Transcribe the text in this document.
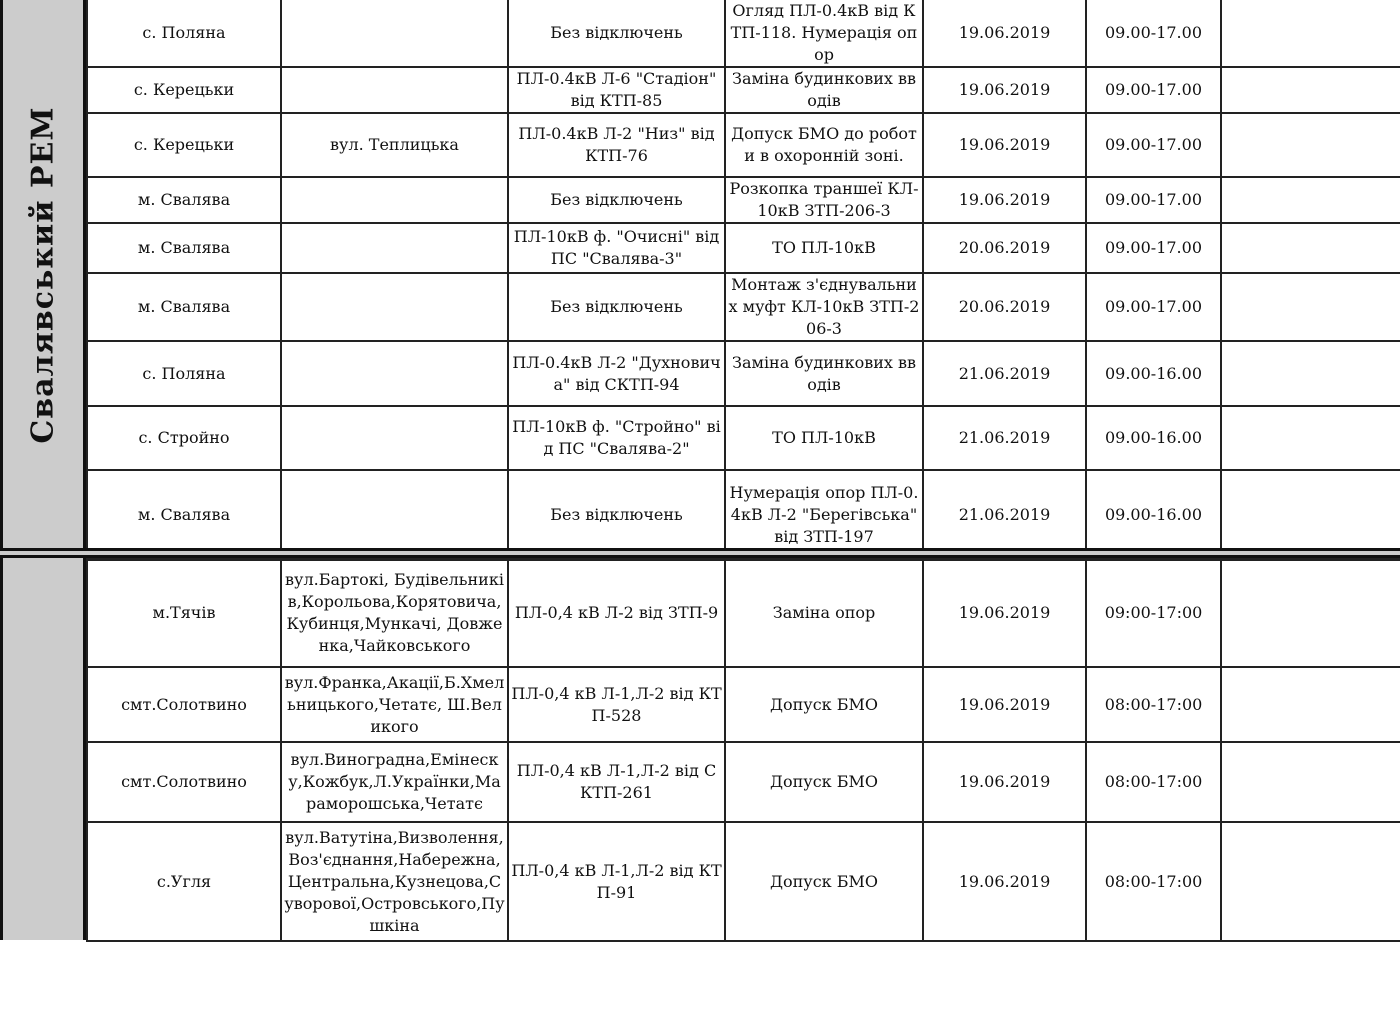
Свалявський РЕМ
с. Поляна		Без відключень	Огляд ПЛ-0.4кВ від КТП-118. Нумерація опор	19.06.2019	09.00-17.00	
с. Керецьки		ПЛ-0.4кВ Л-6 "Стадіон" від КТП-85	Заміна будинкових вводів	19.06.2019	09.00-17.00	
с. Керецьки	вул. Теплицька	ПЛ-0.4кВ Л-2 "Низ" від КТП-76	Допуск БМО до роботи в охоронній зоні.	19.06.2019	09.00-17.00	
м. Свалява		Без відключень	Розкопка траншеї КЛ-10кВ ЗТП-206-3	19.06.2019	09.00-17.00	
м. Свалява		ПЛ-10кВ ф. "Очисні" від ПС "Свалява-3"	ТО ПЛ-10кВ	20.06.2019	09.00-17.00	
м. Свалява		Без відключень	Монтаж з'єднувальних муфт КЛ-10кВ ЗТП-206-3	20.06.2019	09.00-17.00	
с. Поляна		ПЛ-0.4кВ Л-2 "Духновича" від СКТП-94	Заміна будинкових вводів	21.06.2019	09.00-16.00	
с. Стройно		ПЛ-10кВ ф. "Стройно" від ПС "Свалява-2"	ТО ПЛ-10кВ	21.06.2019	09.00-16.00	
м. Свалява		Без відключень	Нумерація опор ПЛ-0.4кВ Л-2 "Берегівська" від ЗТП-197	21.06.2019	09.00-16.00	
м.Тячів	вул.Бартокі, Будівельників,Корольова,Корятовича, Кубинця,Мункачі, Довженка,Чайковського	ПЛ-0,4 кВ Л-2 від ЗТП-9	Заміна опор	19.06.2019	09:00-17:00	
смт.Солотвино	вул.Франка,Акації,Б.Хмельницького,Четатє, Ш.Великого	ПЛ-0,4 кВ Л-1,Л-2 від КТП-528	Допуск БМО	19.06.2019	08:00-17:00	
смт.Солотвино	вул.Виноградна,Емінеску,Кожбук,Л.Українки,Мараморошська,Четатє	ПЛ-0,4 кВ Л-1,Л-2 від СКТП-261	Допуск БМО	19.06.2019	08:00-17:00	
с.Угля	вул.Ватутіна,Визволення,Воз'єднання,Набережна,Центральна,Кузнецова,Суворової,Островського,Пушкіна	ПЛ-0,4 кВ Л-1,Л-2 від КТП-91	Допуск БМО	19.06.2019	08:00-17:00	
